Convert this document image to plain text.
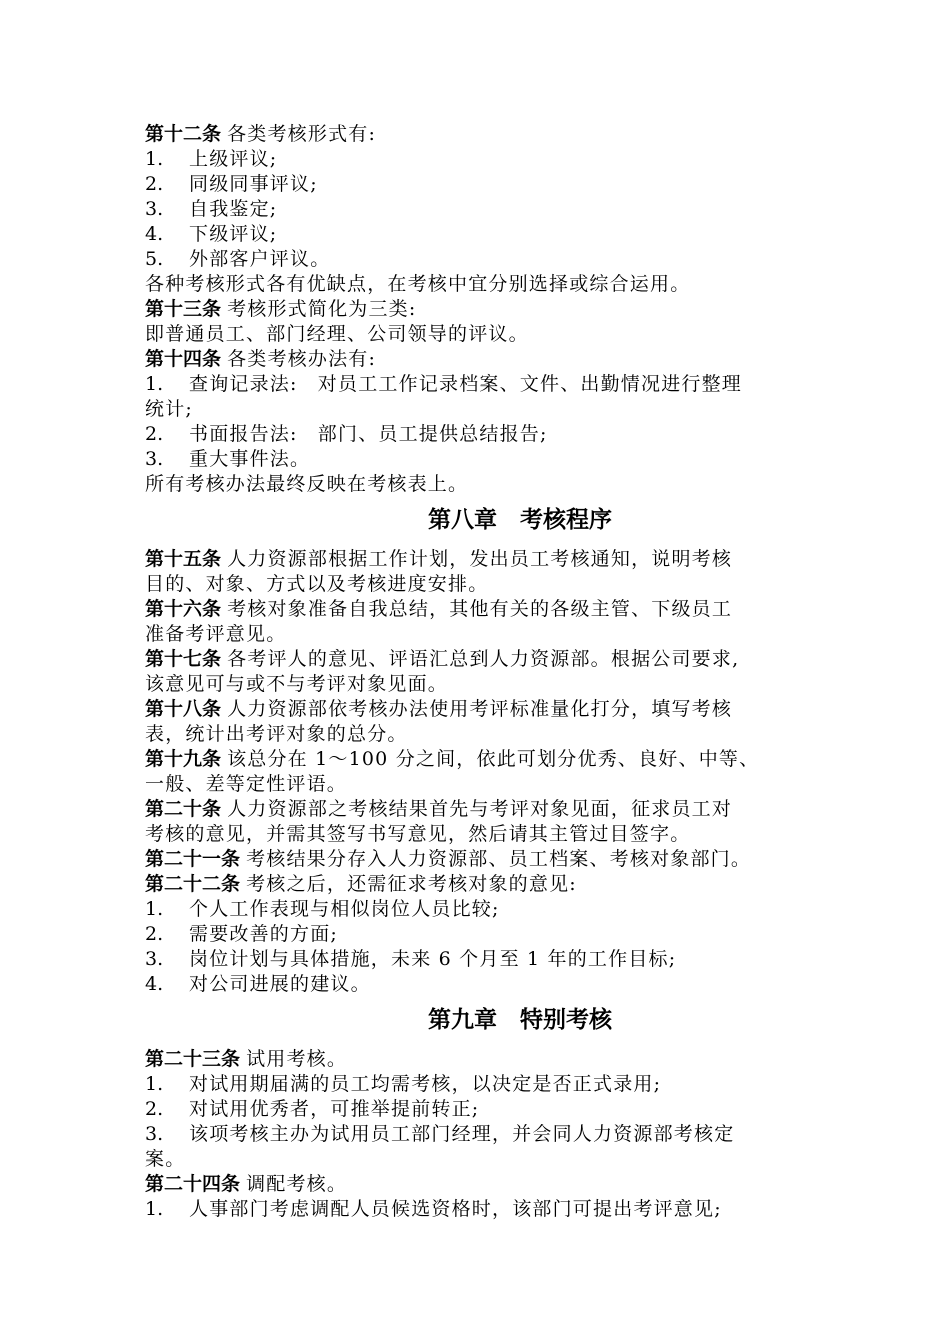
第十二条 各类考核形式有:

1. 上级评议;

2. 同级同事评议;

3. 自我鉴定;

4. 下级评议;

5. 外部客户评议。

各种考核形式各有优缺点，在考核中宜分别选择或综合运用。

第十三条 考核形式简化为三类:

即普通员工、部门经理、公司领导的评议。

第十四条 各类考核办法有:

1. 查询记录法:　对员工工作记录档案、文件、出勤情况进行整理

统计;

2. 书面报告法:　部门、员工提供总结报告;

3. 重大事件法。

所有考核办法最终反映在考核表上。

第八章　考核程序

第十五条 人力资源部根据工作计划，发出员工考核通知，说明考核

目的、对象、方式以及考核进度安排。

第十六条 考核对象准备自我总结，其他有关的各级主管、下级员工

准备考评意见。

第十七条 各考评人的意见、评语汇总到人力资源部。根据公司要求,

该意见可与或不与考评对象见面。

第十八条 人力资源部依考核办法使用考评标准量化打分，填写考核

表，统计出考评对象的总分。

第十九条 该总分在 1～100 分之间，依此可划分优秀、良好、中等、

一般、差等定性评语。

第二十条 人力资源部之考核结果首先与考评对象见面，征求员工对

考核的意见，并需其签写书写意见，然后请其主管过目签字。

第二十一条 考核结果分存入人力资源部、员工档案、考核对象部门。

第二十二条 考核之后，还需征求考核对象的意见:

1. 个人工作表现与相似岗位人员比较;

2. 需要改善的方面;

3. 岗位计划与具体措施，未来 6 个月至 1 年的工作目标;

4. 对公司进展的建议。

第九章　特别考核

第二十三条 试用考核。

1. 对试用期届满的员工均需考核，以决定是否正式录用;

2. 对试用优秀者，可推举提前转正;

3. 该项考核主办为试用员工部门经理，并会同人力资源部考核定

案。

第二十四条 调配考核。

1. 人事部门考虑调配人员候选资格时，该部门可提出考评意见;
